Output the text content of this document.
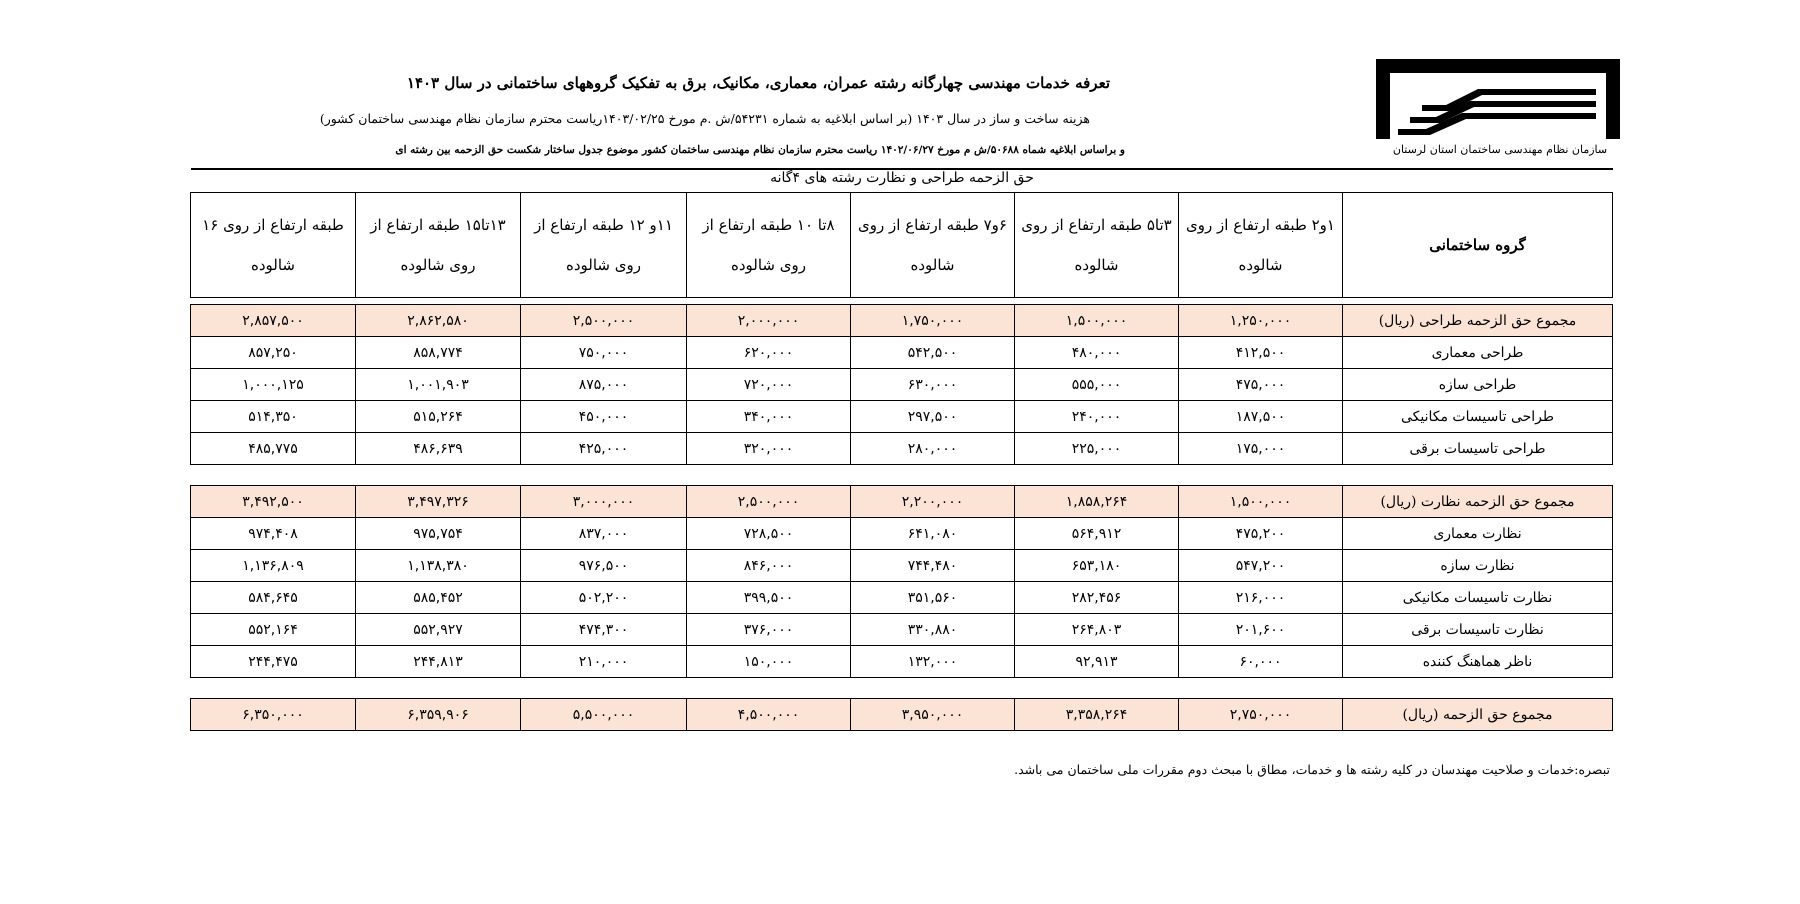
سازمان نظام مهندسی ساختمان استان لرستان
تعرفه خدمات مهندسی چهارگانه رشته عمران، معماری، مکانیک، برق به تفکیک گروههای ساختمانی در سال ۱۴۰۳
هزینه ساخت و ساز در سال ۱۴۰۳ (بر اساس ابلاغیه به شماره ۵۴۲۳۱/ش .م مورخ ۱۴۰۳/۰۲/۲۵ریاست محترم سازمان نظام مهندسی ساختمان کشور)
و براساس ابلاغیه شماه ۵۰۶۸۸/ش م مورخ ۱۴۰۲/۰۶/۲۷ ریاست محترم سازمان نظام مهندسی ساختمان کشور موضوع جدول ساختار شکست حق الزحمه بین رشته ای
حق الزحمه طراحی و نظارت رشته های ۴گانه
گروه ساختمانی	۱و۲ طبقه ارتفاع از روی شالوده	۳تا۵ طبقه ارتفاع از روی شالوده	۶و۷ طبقه ارتفاع از روی شالوده	۸تا ۱۰ طبقه ارتفاع از روی شالوده	۱۱و ۱۲ طبقه ارتفاع از روی شالوده	۱۳تا۱۵ طبقه ارتفاع از روی شالوده	طبقه ارتفاع از روی ۱۶ شالوده

مجموع حق الزحمه طراحی (ریال)	۱,۲۵۰,۰۰۰	۱,۵۰۰,۰۰۰	۱,۷۵۰,۰۰۰	۲,۰۰۰,۰۰۰	۲,۵۰۰,۰۰۰	۲,۸۶۲,۵۸۰	۲,۸۵۷,۵۰۰
طراحی معماری	۴۱۲,۵۰۰	۴۸۰,۰۰۰	۵۴۲,۵۰۰	۶۲۰,۰۰۰	۷۵۰,۰۰۰	۸۵۸,۷۷۴	۸۵۷,۲۵۰
طراحی سازه	۴۷۵,۰۰۰	۵۵۵,۰۰۰	۶۳۰,۰۰۰	۷۲۰,۰۰۰	۸۷۵,۰۰۰	۱,۰۰۱,۹۰۳	۱,۰۰۰,۱۲۵
طراحی تاسیسات مکانیکی	۱۸۷,۵۰۰	۲۴۰,۰۰۰	۲۹۷,۵۰۰	۳۴۰,۰۰۰	۴۵۰,۰۰۰	۵۱۵,۲۶۴	۵۱۴,۳۵۰
طراحی تاسیسات برقی	۱۷۵,۰۰۰	۲۲۵,۰۰۰	۲۸۰,۰۰۰	۳۲۰,۰۰۰	۴۲۵,۰۰۰	۴۸۶,۶۳۹	۴۸۵,۷۷۵

مجموع حق الزحمه نظارت (ریال)	۱,۵۰۰,۰۰۰	۱,۸۵۸,۲۶۴	۲,۲۰۰,۰۰۰	۲,۵۰۰,۰۰۰	۳,۰۰۰,۰۰۰	۳,۴۹۷,۳۲۶	۳,۴۹۲,۵۰۰
نظارت معماری	۴۷۵,۲۰۰	۵۶۴,۹۱۲	۶۴۱,۰۸۰	۷۲۸,۵۰۰	۸۳۷,۰۰۰	۹۷۵,۷۵۴	۹۷۴,۴۰۸
نظارت سازه	۵۴۷,۲۰۰	۶۵۳,۱۸۰	۷۴۴,۴۸۰	۸۴۶,۰۰۰	۹۷۶,۵۰۰	۱,۱۳۸,۳۸۰	۱,۱۳۶,۸۰۹
نظارت تاسیسات مکانیکی	۲۱۶,۰۰۰	۲۸۲,۴۵۶	۳۵۱,۵۶۰	۳۹۹,۵۰۰	۵۰۲,۲۰۰	۵۸۵,۴۵۲	۵۸۴,۶۴۵
نظارت تاسیسات برقی	۲۰۱,۶۰۰	۲۶۴,۸۰۳	۳۳۰,۸۸۰	۳۷۶,۰۰۰	۴۷۴,۳۰۰	۵۵۲,۹۲۷	۵۵۲,۱۶۴
ناظر هماهنگ کننده	۶۰,۰۰۰	۹۲,۹۱۳	۱۳۲,۰۰۰	۱۵۰,۰۰۰	۲۱۰,۰۰۰	۲۴۴,۸۱۳	۲۴۴,۴۷۵

مجموع حق الزحمه (ریال)	۲,۷۵۰,۰۰۰	۳,۳۵۸,۲۶۴	۳,۹۵۰,۰۰۰	۴,۵۰۰,۰۰۰	۵,۵۰۰,۰۰۰	۶,۳۵۹,۹۰۶	۶,۳۵۰,۰۰۰
تبصره:خدمات و صلاحیت مهندسان در کلیه رشته ها و خدمات، مطاق با مبحث دوم مقررات ملی ساختمان می باشد.
